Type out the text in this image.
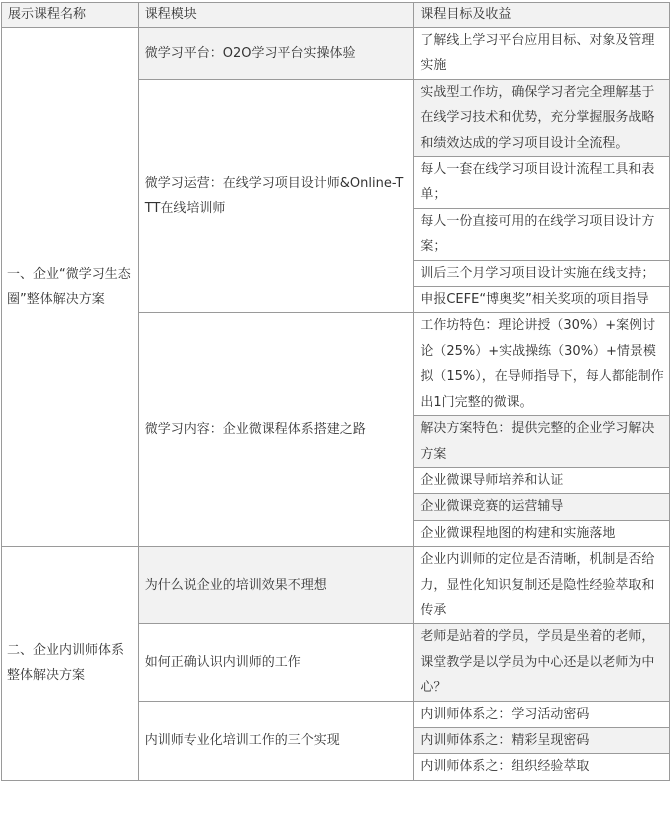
展示课程名称	课程模块	课程目标及收益
一、企业“微学习生态圈”整体解决方案	微学习平台：O2O学习平台实操体验	了解线上学习平台应用目标、对象及管理实施
	微学习运营：在线学习项目设计师&Online-TTT在线培训师	实战型工作坊，确保学习者完全理解基于在线学习技术和优势，充分掌握服务战略和绩效达成的学习项目设计全流程。
		每人一套在线学习项目设计流程工具和表单；
		每人一份直接可用的在线学习项目设计方案；
		训后三个月学习项目设计实施在线支持；
		申报CEFE“博奥奖”相关奖项的项目指导
	微学习内容：企业微课程体系搭建之路	工作坊特色：理论讲授（30%）+案例讨论（25%）+实战操练（30%）+情景模拟（15%），在导师指导下，每人都能制作出1门完整的微课。
		解决方案特色：提供完整的企业学习解决方案
		企业微课导师培养和认证
		企业微课竞赛的运营辅导
		企业微课程地图的构建和实施落地
二、企业内训师体系整体解决方案	为什么说企业的培训效果不理想	企业内训师的定位是否清晰，机制是否给力，显性化知识复制还是隐性经验萃取和传承
	如何正确认识内训师的工作	老师是站着的学员，学员是坐着的老师，课堂教学是以学员为中心还是以老师为中心？
	内训师专业化培训工作的三个实现	内训师体系之：学习活动密码
		内训师体系之：精彩呈现密码
		内训师体系之：组织经验萃取
